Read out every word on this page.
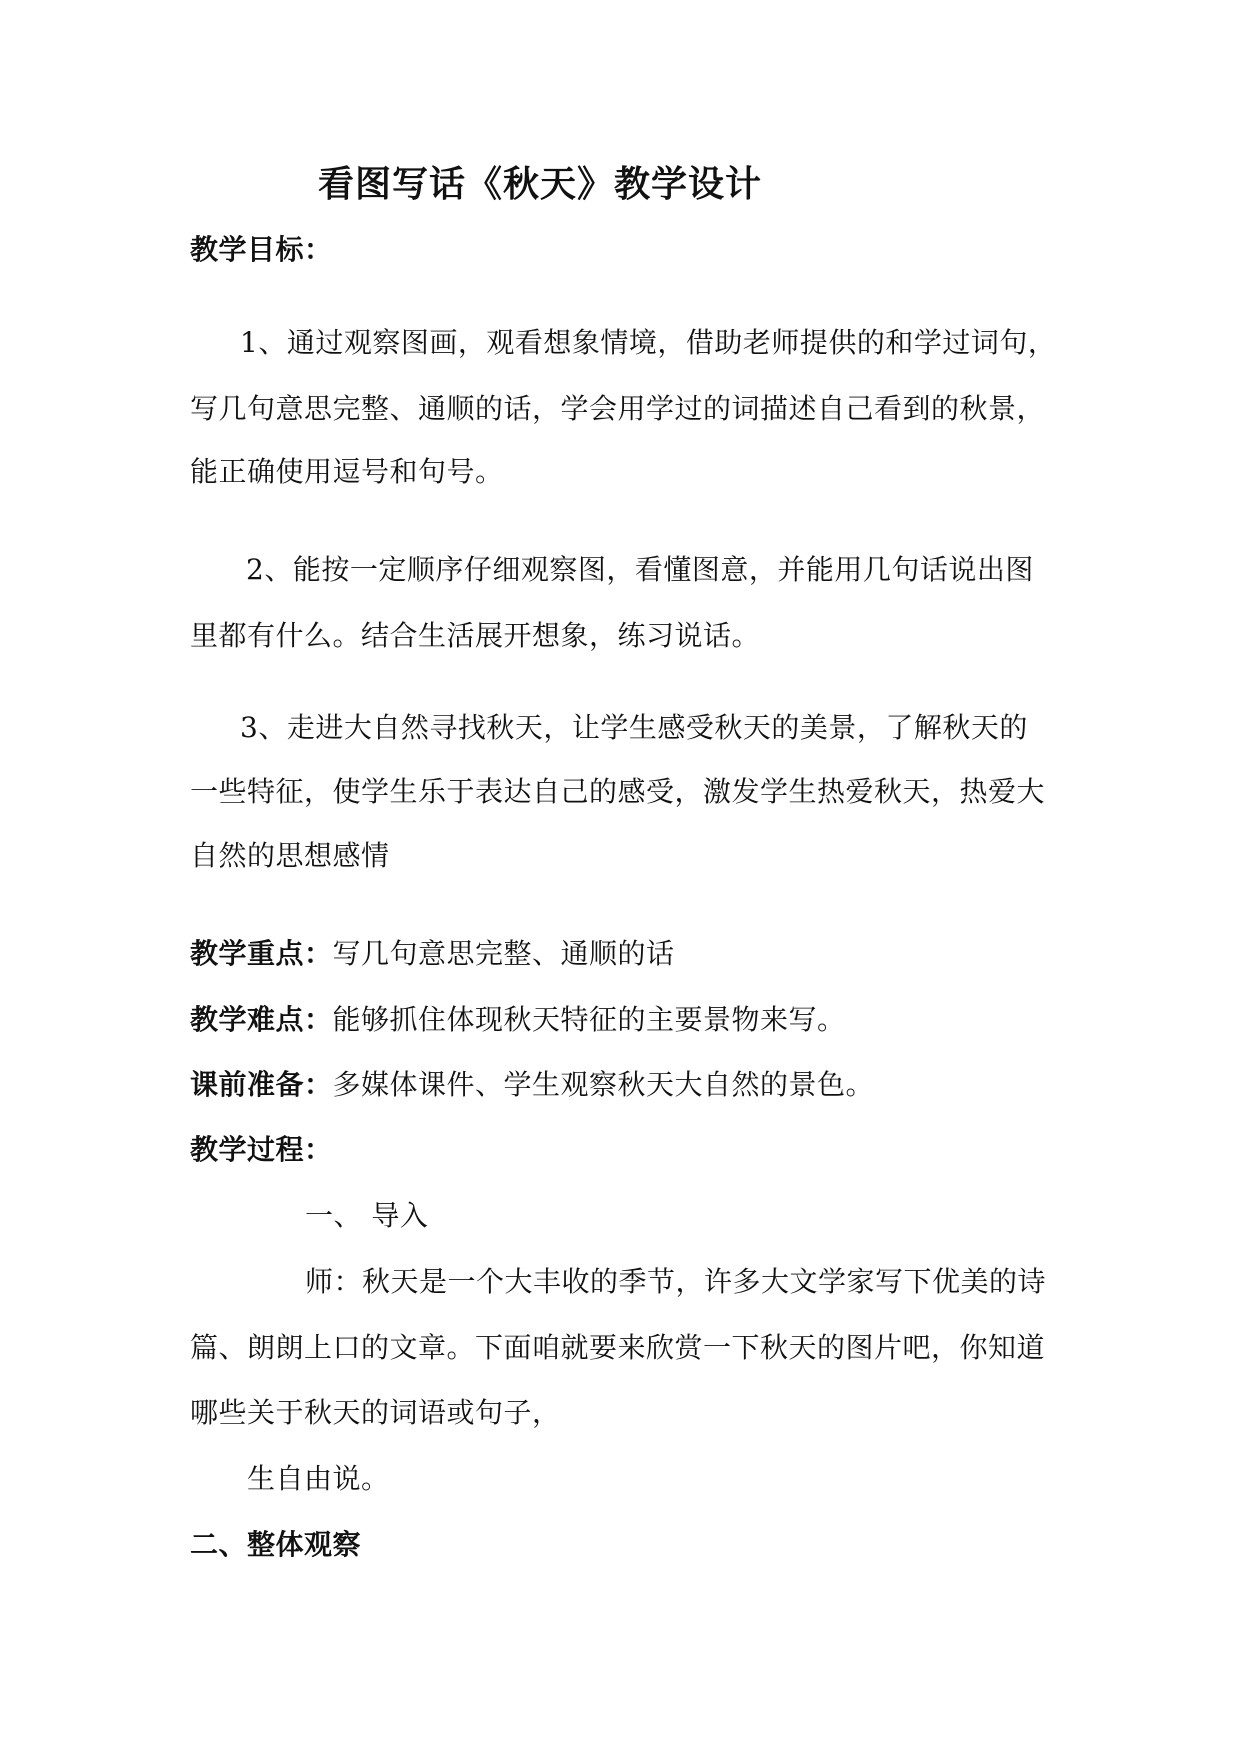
看图写话《秋天》教学设计
教学目标：
1、通过观察图画，观看想象情境，借助老师提供的和学过词句，
写几句意思完整、通顺的话，学会用学过的词描述自己看到的秋景，
能正确使用逗号和句号。
2、能按一定顺序仔细观察图，看懂图意，并能用几句话说出图
里都有什么。结合生活展开想象，练习说话。
3、走进大自然寻找秋天，让学生感受秋天的美景，了解秋天的
一些特征，使学生乐于表达自己的感受，激发学生热爱秋天，热爱大
自然的思想感情
教学重点：写几句意思完整、通顺的话
教学难点：能够抓住体现秋天特征的主要景物来写。
课前准备：多媒体课件、学生观察秋天大自然的景色。
教学过程：
一、 导入
师：秋天是一个大丰收的季节，许多大文学家写下优美的诗
篇、朗朗上口的文章。下面咱就要来欣赏一下秋天的图片吧，你知道
哪些关于秋天的词语或句子，
生自由说。
二、整体观察
